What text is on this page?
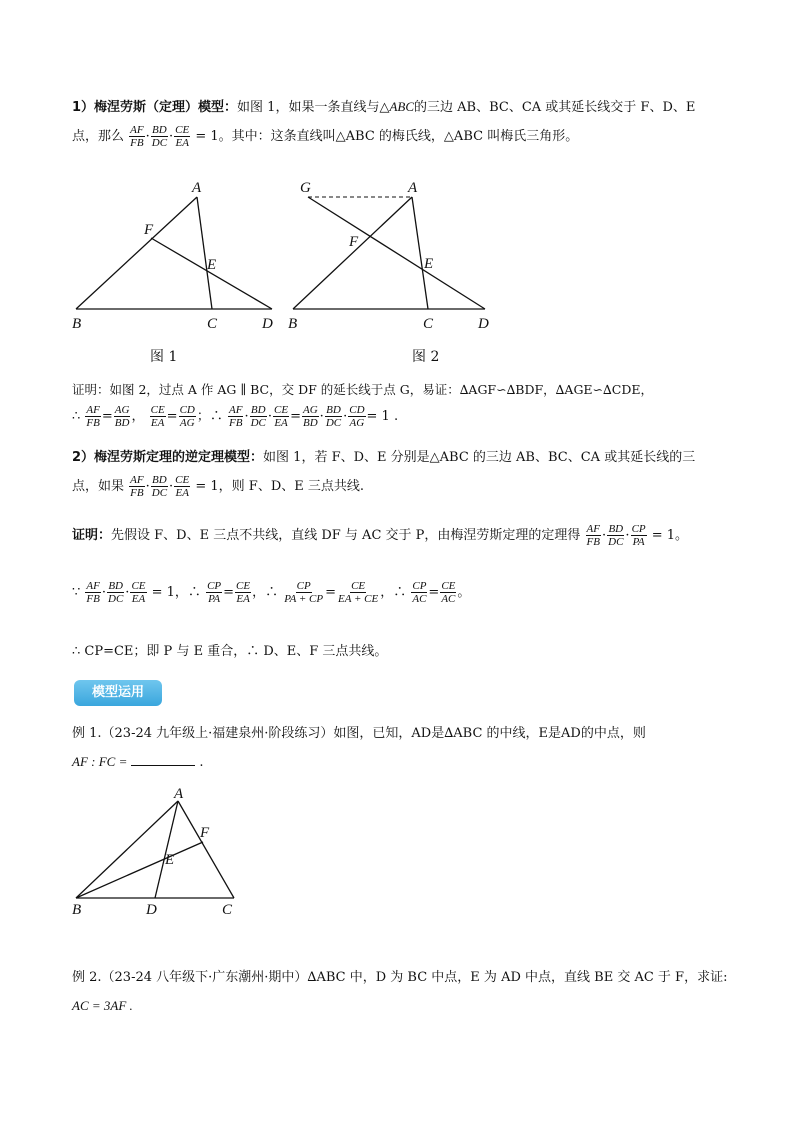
1）梅涅劳斯（定理）模型：如图 1，如果一条直线与△ABC的三边 AB、BC、CA 或其延长线交于 F、D、E
点，那么 $\frac{AF}{FB} \cdot \frac{BD}{DC} \cdot \frac{CE}{EA} = 1$。其中：这条直线叫△ABC 的梅氏线，△ABC 叫梅氏三角形。
A
F
E
B	C	D
图 1
G	A
F
E
B	C	D
图 2
证明：如图 2，过点 A 作 AG ∥ BC，交 DF 的延长线于点 G，易证：∆AGF∽∆BDF，∆AGE∽∆CDE，
∴ $\frac{AF}{FB} = \frac{AG}{BD}$ ， $\frac{CE}{EA} = \frac{CD}{AG}$ ；∴ $\frac{AF}{FB} \cdot \frac{BD}{DC} \cdot \frac{CE}{EA} = \frac{AG}{BD} \cdot \frac{BD}{DC} \cdot \frac{CD}{AG} = 1$ .
2）梅涅劳斯定理的逆定理模型：如图 1，若 F、D、E 分别是△ABC 的三边 AB、BC、CA 或其延长线的三
点，如果 $\frac{AF}{FB} \cdot \frac{BD}{DC} \cdot \frac{CE}{EA} = 1$，则 F、D、E 三点共线.
证明：先假设 F、D、E 三点不共线，直线 DF 与 AC 交于 P，由梅涅劳斯定理的定理得 $\frac{AF}{FB} \cdot \frac{BD}{DC} \cdot \frac{CP}{PA} = 1$。
∵ $\frac{AF}{FB} \cdot \frac{BD}{DC} \cdot \frac{CE}{EA} = 1$，∴ $\frac{CP}{PA} = \frac{CE}{EA}$ ，∴ $\frac{CP}{PA + CP} = \frac{CE}{EA + CE}$ ，∴ $\frac{CP}{AC} = \frac{CE}{AC}$ 。
∴ CP=CE；即 P 与 E 重合，∴ D、E、F 三点共线。
模型运用
例 1.（23-24 九年级上·福建泉州·阶段练习）如图，已知，AD是∆ABC 的中线，E是AD的中点，则
AF : FC =	.
A
F
E
B	D	C
例 2.（23-24 八年级下·广东潮州·期中）∆ABC 中，D 为 BC 中点，E 为 AD 中点，直线 BE 交 AC 于 F，求证:
AC = 3AF .
